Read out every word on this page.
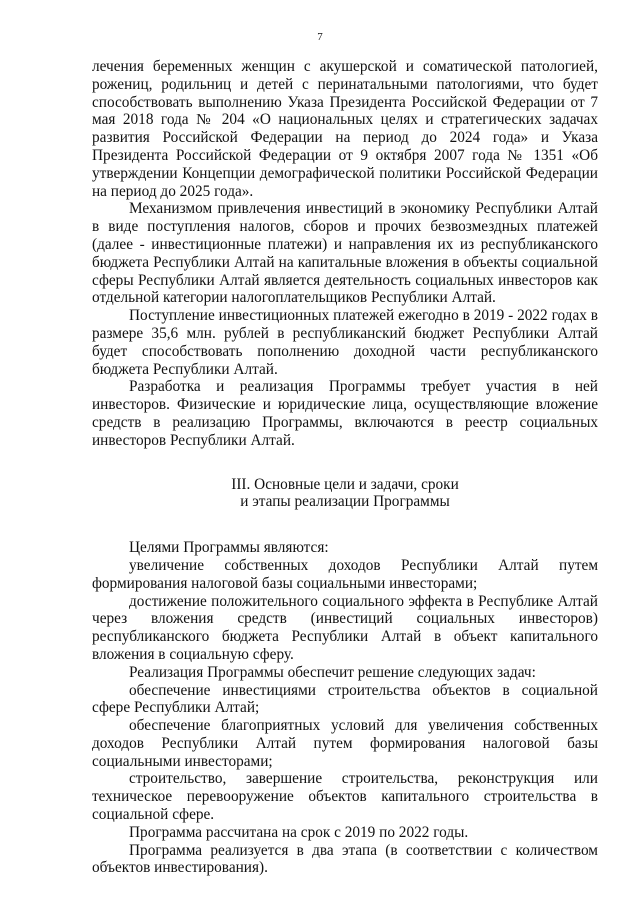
7

лечения беременных женщин с акушерской и соматической патологией, рожениц, родильниц и детей с перинатальными патологиями, что будет способствовать выполнению Указа Президента Российской Федерации от 7 мая 2018 года № 204 «О национальных целях и стратегических задачах развития Российской Федерации на период до 2024 года» и Указа Президента Российской Федерации от 9 октября 2007 года № 1351 «Об утверждении Концепции демографической политики Российской Федерации на период до 2025 года».

Механизмом привлечения инвестиций в экономику Республики Алтай в виде поступления налогов, сборов и прочих безвозмездных платежей (далее - инвестиционные платежи) и направления их из республиканского бюджета Республики Алтай на капитальные вложения в объекты социальной сферы Республики Алтай является деятельность социальных инвесторов как отдельной категории налогоплательщиков Республики Алтай.

Поступление инвестиционных платежей ежегодно в 2019 - 2022 годах в размере 35,6 млн. рублей в республиканский бюджет Республики Алтай будет способствовать пополнению доходной части республиканского бюджета Республики Алтай.

Разработка и реализация Программы требует участия в ней инвесторов. Физические и юридические лица, осуществляющие вложение средств в реализацию Программы, включаются в реестр социальных инвесторов Республики Алтай.

III. Основные цели и задачи, сроки
и этапы реализации Программы

Целями Программы являются:

увеличение собственных доходов Республики Алтай путем формирования налоговой базы социальными инвесторами;

достижение положительного социального эффекта в Республике Алтай через вложения средств (инвестиций социальных инвесторов) республиканского бюджета Республики Алтай в объект капитального вложения в социальную сферу.

Реализация Программы обеспечит решение следующих задач:

обеспечение инвестициями строительства объектов в социальной сфере Республики Алтай;

обеспечение благоприятных условий для увеличения собственных доходов Республики Алтай путем формирования налоговой базы социальными инвесторами;

строительство, завершение строительства, реконструкция или техническое перевооружение объектов капитального строительства в социальной сфере.

Программа рассчитана на срок с 2019 по 2022 годы.

Программа реализуется в два этапа (в соответствии с количеством объектов инвестирования).
